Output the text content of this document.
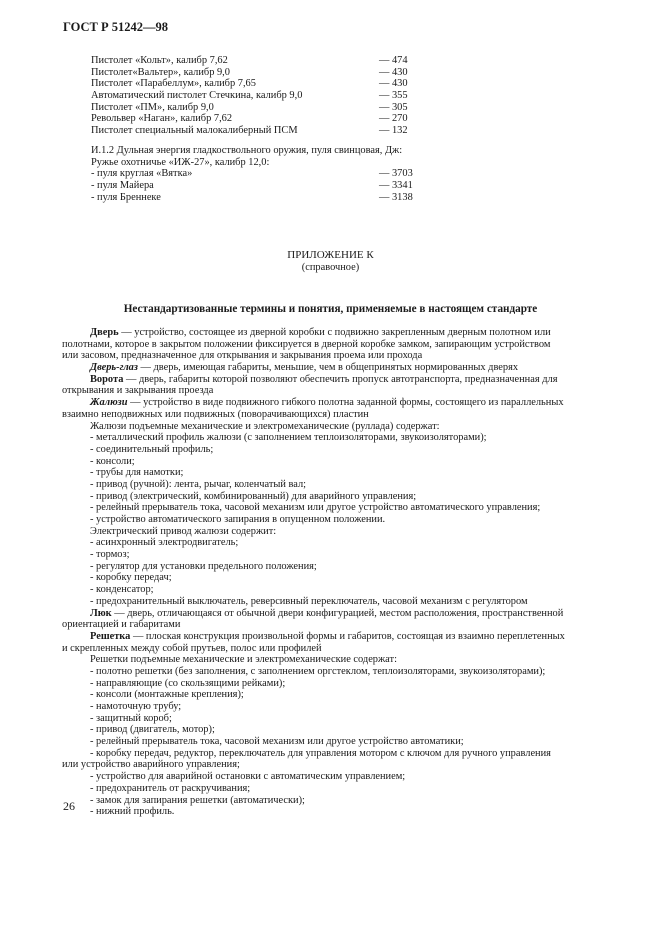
ГОСТ Р 51242—98
Пистолет «Кольт», калибр 7,62	— 474
Пистолет«Вальтер», калибр 9,0	— 430
Пистолет «Парабеллум», калибр 7,65	— 430
Автоматический пистолет Стечкина, калибр 9,0	— 355
Пистолет «ПМ», калибр 9,0	— 305
Револьвер «Наган», калибр 7,62	— 270
Пистолет специальный малокалиберный ПСМ	— 132
И.1.2 Дульная энергия гладкоствольного оружия, пуля свинцовая, Дж:
Ружье охотничье «ИЖ-27», калибр 12,0:
- пуля круглая «Вятка»	— 3703
- пуля Майера	— 3341
- пуля Бреннеке	— 3138
ПРИЛОЖЕНИЕ К
(справочное)
Нестандартизованные термины и понятия, применяемые в настоящем стандарте
Дверь — устройство, состоящее из дверной коробки с подвижно закрепленным дверным полотном или
полотнами, которое в закрытом положении фиксируется в дверной коробке замком, запирающим устройством
или засовом, предназначенное для открывания и закрывания проема или прохода
Дверь-глаз — дверь, имеющая габариты, меньшие, чем в общепринятых нормированных дверях
Ворота — дверь, габариты которой позволяют обеспечить пропуск автотранспорта, предназначенная для
открывания и закрывания проезда
Жалюзи — устройство в виде подвижного гибкого полотна заданной формы, состоящего из параллельных
взаимно неподвижных или подвижных (поворачивающихся) пластин
Жалюзи подъемные механические и электромеханические (руллада) содержат:
- металлический профиль жалюзи (с заполнением теплоизоляторами, звукоизоляторами);
- соединительный профиль;
- консоли;
- трубы для намотки;
- привод (ручной): лента, рычаг, коленчатый вал;
- привод (электрический, комбинированный) для аварийного управления;
- релейный прерыватель тока, часовой механизм или другое устройство автоматического управления;
- устройство автоматического запирания в опущенном положении.
Электрический привод жалюзи содержит:
- асинхронный электродвигатель;
- тормоз;
- регулятор для установки предельного положения;
- коробку передач;
- конденсатор;
- предохранительный выключатель, реверсивный переключатель, часовой механизм с регулятором
Люк — дверь, отличающаяся от обычной двери конфигурацией, местом расположения, пространственной
ориентацией и габаритами
Решетка — плоская конструкция произвольной формы и габаритов, состоящая из взаимно переплетенных
и скрепленных между собой прутьев, полос или профилей
Решетки подъемные механические и электромеханические содержат:
- полотно решетки (без заполнения, с заполнением оргстеклом, теплоизоляторами, звукоизоляторами);
- направляющие (со скользящими рейками);
- консоли (монтажные крепления);
- намоточную трубу;
- защитный короб;
- привод (двигатель, мотор);
- релейный прерыватель тока, часовой механизм или другое устройство автоматики;
- коробку передач, редуктор, переключатель для управления мотором с ключом для ручного управления
или устройство аварийного управления;
- устройство для аварийной остановки с автоматическим управлением;
- предохранитель от раскручивания;
- замок для запирания решетки (автоматически);
- нижний профиль.
26
